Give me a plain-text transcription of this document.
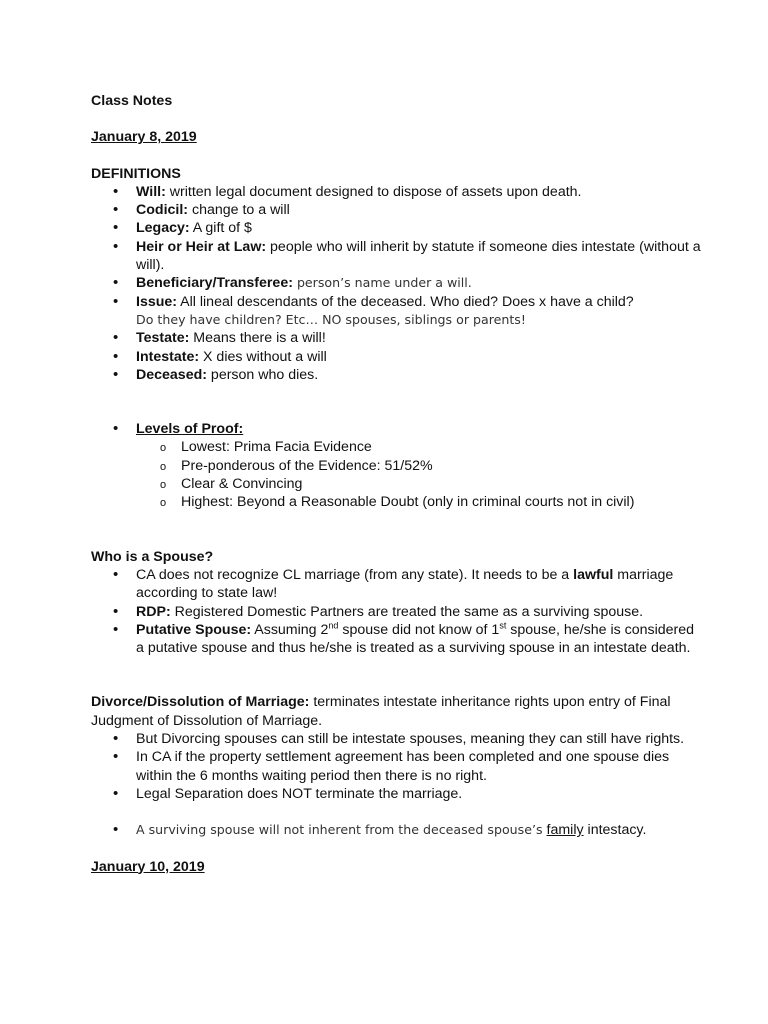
Class Notes

January 8, 2019

DEFINITIONS

• Will: written legal document designed to dispose of assets upon death.
• Codicil: change to a will
• Legacy: A gift of $
• Heir or Heir at Law: people who will inherit by statute if someone dies intestate (without a will).
• Beneficiary/Transferee: person’s name under a will.
• Issue: All lineal descendants of the deceased. Who died? Does x have a child?
Do they have children? Etc… NO spouses, siblings or parents!
• Testate: Means there is a will!
• Intestate: X dies without a will
• Deceased: person who dies.
• Levels of Proof:
o Lowest: Prima Facia Evidence
o Pre-ponderous of the Evidence: 51/52%
o Clear & Convincing
o Highest: Beyond a Reasonable Doubt (only in criminal courts not in civil)

Who is a Spouse?

• CA does not recognize CL marriage (from any state). It needs to be a lawful marriage according to state law!
• RDP: Registered Domestic Partners are treated the same as a surviving spouse.
• Putative Spouse: Assuming 2nd spouse did not know of 1st spouse, he/she is considered a putative spouse and thus he/she is treated as a surviving spouse in an intestate death.

Divorce/Dissolution of Marriage: terminates intestate inheritance rights upon entry of Final Judgment of Dissolution of Marriage.

• But Divorcing spouses can still be intestate spouses, meaning they can still have rights.
• In CA if the property settlement agreement has been completed and one spouse dies within the 6 months waiting period then there is no right.
• Legal Separation does NOT terminate the marriage.
• A surviving spouse will not inherent from the deceased spouse’s family intestacy.

January 10, 2019
